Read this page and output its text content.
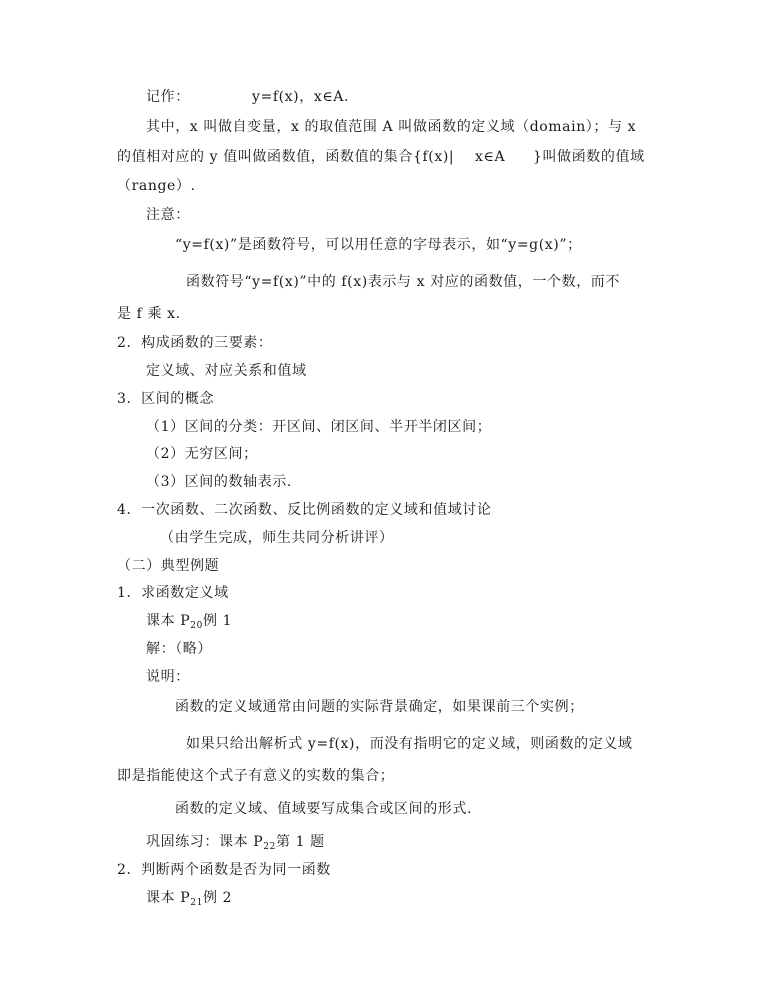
记作：	y=f(x)，x∈A.
其中，x 叫做自变量，x 的取值范围 A 叫做函数的定义域（domain）；与 x
的值相对应的 y 值叫做函数值，函数值的集合{f(x)| x∈A }叫做函数的值域
（range）.
注意：
“y=f(x)”是函数符号，可以用任意的字母表示，如“y=g(x)”；
函数符号“y=f(x)”中的 f(x)表示与 x 对应的函数值，一个数，而不
是 f 乘 x.
2．构成函数的三要素：
定义域、对应关系和值域
3．区间的概念
（1）区间的分类：开区间、闭区间、半开半闭区间；
（2）无穷区间；
（3）区间的数轴表示.
4．一次函数、二次函数、反比例函数的定义域和值域讨论
（由学生完成，师生共同分析讲评）
（二）典型例题
1．求函数定义域
课本 $P_{20}$例 1
解：（略）
说明：
函数的定义域通常由问题的实际背景确定，如果课前三个实例；
如果只给出解析式 y=f(x)，而没有指明它的定义域，则函数的定义域
即是指能使这个式子有意义的实数的集合；
函数的定义域、值域要写成集合或区间的形式.
巩固练习：课本 $P_{22}$第 1 题
2．判断两个函数是否为同一函数
课本 $P_{21}$例 2
